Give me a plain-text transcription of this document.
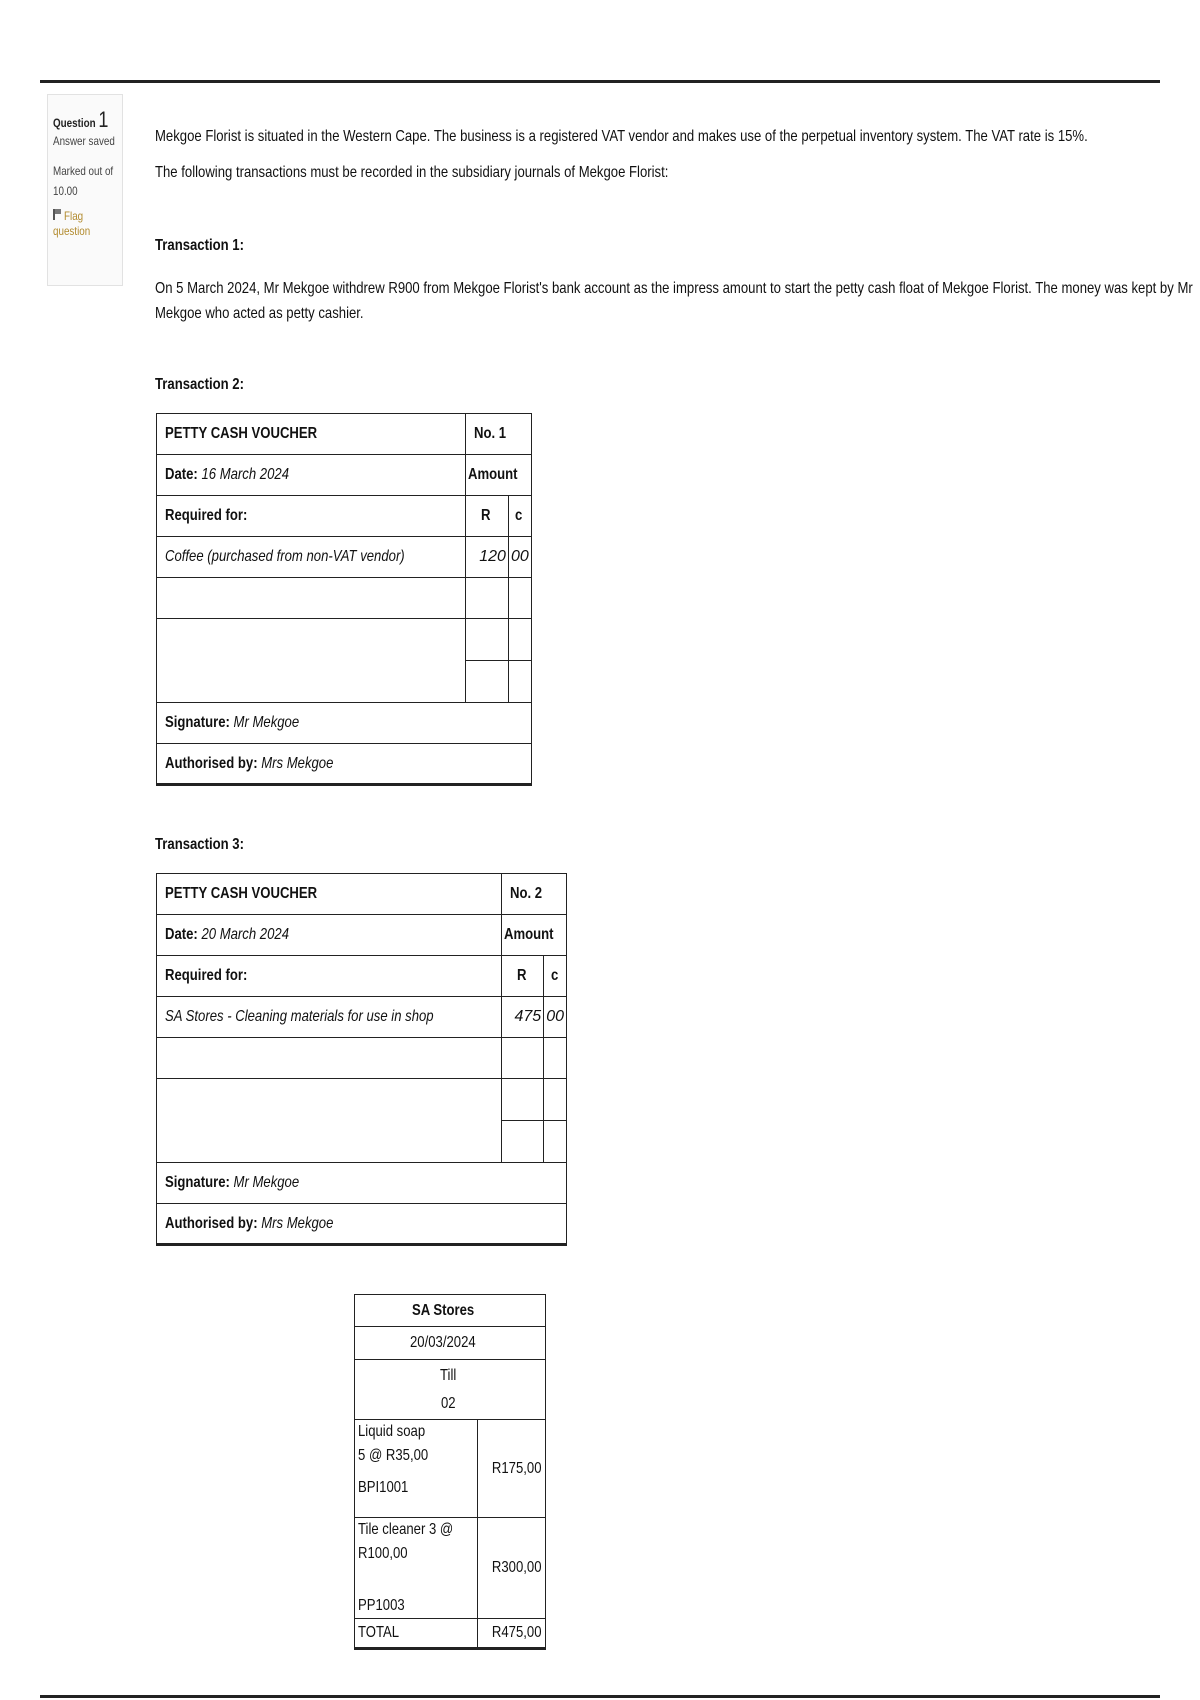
Question 1
Answer saved
Marked out of
10.00
Flag
question
Mekgoe Florist is situated in the Western Cape. The business is a registered VAT vendor and makes use of the perpetual inventory system. The VAT rate is 15%.
The following transactions must be recorded in the subsidiary journals of Mekgoe Florist:
Transaction 1:
On 5 March 2024, Mr Mekgoe withdrew R900 from Mekgoe Florist's bank account as the impress amount to start the petty cash float of Mekgoe Florist. The money was kept by Mr
Mekgoe who acted as petty cashier.
Transaction 2:
PETTY CASH VOUCHER	No. 1	
Date: 16 March 2024	Amount	
Required for:	R	c
Coffee (purchased from non-VAT vendor)	120	00

Signature: Mr Mekgoe		
Authorised by: Mrs Mekgoe		
Transaction 3:
PETTY CASH VOUCHER	No. 2	
Date: 20 March 2024	Amount	
Required for:	R	c
SA Stores - Cleaning materials for use in shop	475	00

Signature: Mr Mekgoe		
Authorised by: Mrs Mekgoe		
SA Stores	
20/03/2024	

Till
02	

Liquid soap
5 @ R35,00
BPI1001	R175,00

Tile cleaner 3 @
R100,00
PP1003	R300,00
TOTAL	R475,00
